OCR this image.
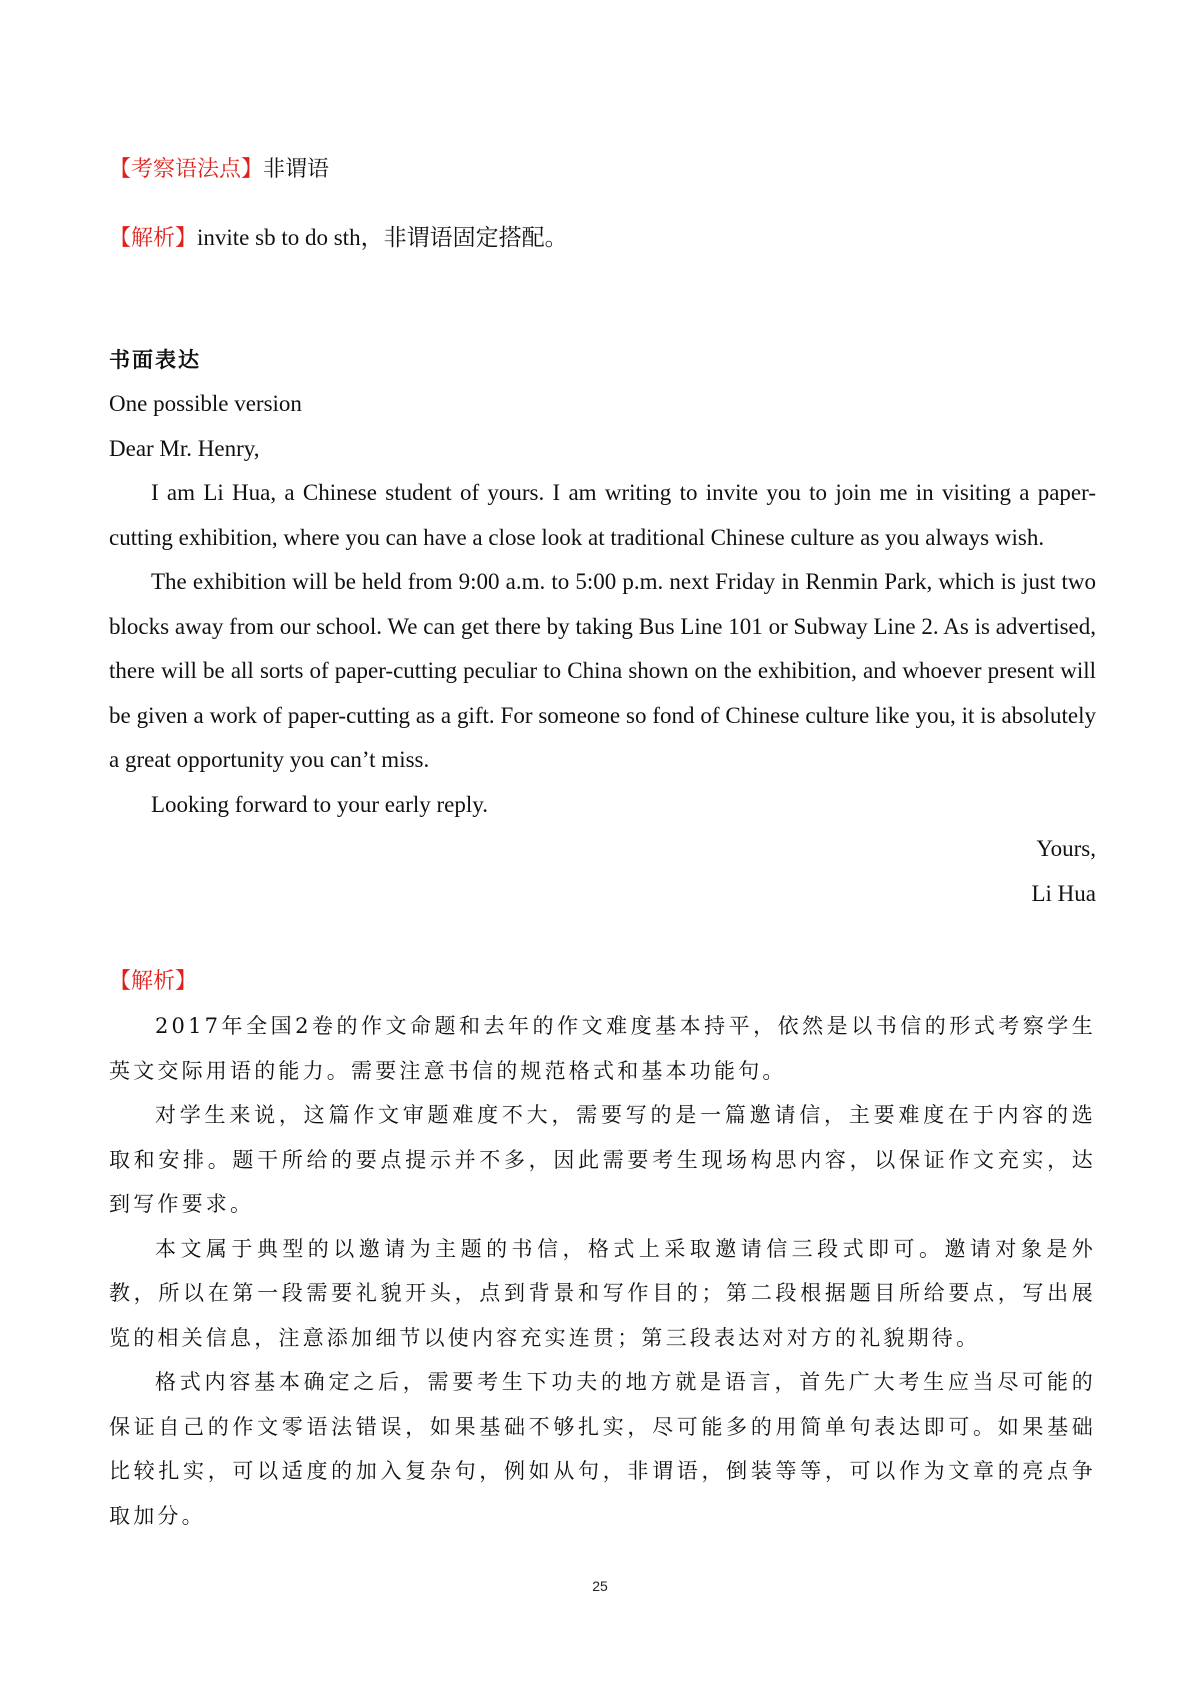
【考察语法点】非谓语

【解析】invite sb to do sth，非谓语固定搭配。

书面表达

One possible version

Dear Mr. Henry,

I am Li Hua, a Chinese student of yours. I am writing to invite you to join me in visiting a paper-cutting exhibition, where you can have a close look at traditional Chinese culture as you always wish.

The exhibition will be held from 9:00 a.m. to 5:00 p.m. next Friday in Renmin Park, which is just two blocks away from our school. We can get there by taking Bus Line 101 or Subway Line 2. As is advertised, there will be all sorts of paper-cutting peculiar to China shown on the exhibition, and whoever present will be given a work of paper-cutting as a gift. For someone so fond of Chinese culture like you, it is absolutely a great opportunity you can’t miss.

Looking forward to your early reply.

Yours,

Li Hua

【解析】

2017年全国2卷的作文命题和去年的作文难度基本持平，依然是以书信的形式考察学生英文交际用语的能力。需要注意书信的规范格式和基本功能句。

对学生来说，这篇作文审题难度不大，需要写的是一篇邀请信，主要难度在于内容的选取和安排。题干所给的要点提示并不多，因此需要考生现场构思内容，以保证作文充实，达到写作要求。

本文属于典型的以邀请为主题的书信，格式上采取邀请信三段式即可。邀请对象是外教，所以在第一段需要礼貌开头，点到背景和写作目的；第二段根据题目所给要点，写出展览的相关信息，注意添加细节以使内容充实连贯；第三段表达对对方的礼貌期待。

格式内容基本确定之后，需要考生下功夫的地方就是语言，首先广大考生应当尽可能的保证自己的作文零语法错误，如果基础不够扎实，尽可能多的用简单句表达即可。如果基础比较扎实，可以适度的加入复杂句，例如从句，非谓语，倒装等等，可以作为文章的亮点争取加分。

25
